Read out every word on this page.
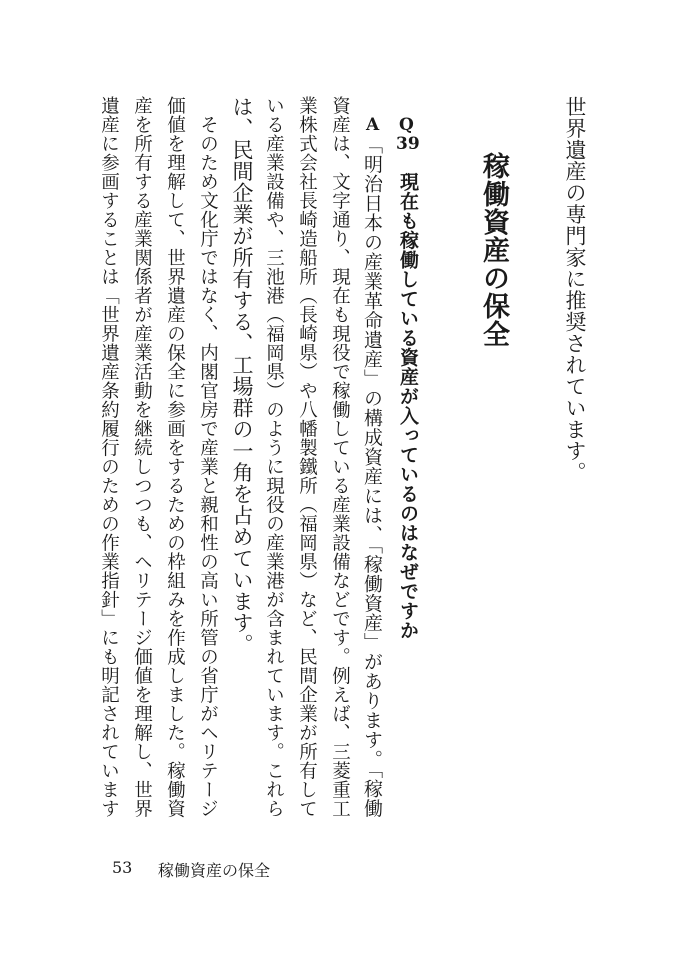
世界遺産の専門家に推奨されています。
稼働資産の保全
Q
39
現在も稼働している資産が入っているのはなぜですか
A
「明治日本の産業革命遺産」の構成資産には、「稼働資産」があります。「稼働
資産は、文字通り、現在も現役で稼働している産業設備などです。例えば、三菱重工
業株式会社長崎造船所（長崎県）や八幡製鐵所（福岡県）など、民間企業が所有して
いる産業設備や、三池港（福岡県）のように現役の産業港が含まれています。これら
は、民間企業が所有する、工場群の一角を占めています。
　そのため文化庁ではなく、内閣官房で産業と親和性の高い所管の省庁がヘリテージ
価値を理解して、世界遺産の保全に参画をするための枠組みを作成しました。稼働資
産を所有する産業関係者が産業活動を継続しつつも、ヘリテージ価値を理解し、世界
遺産に参画することは「世界遺産条約履行のための作業指針」にも明記されています
53 稼働資産の保全
